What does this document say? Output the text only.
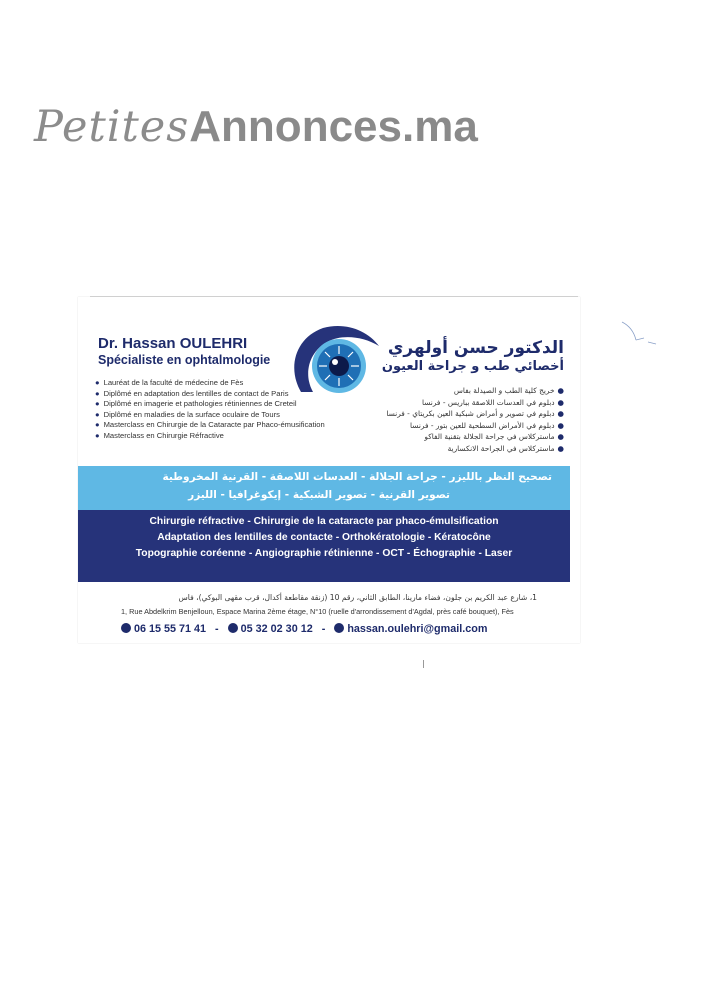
PetitesAnnonces.ma
Dr. Hassan OULEHRI
Spécialiste en ophtalmologie
الدكتور حسن أولهري
أخصائي طب و جراحة العيون
● Lauréat de la faculté de médecine de Fès
● Diplômé en adaptation des lentilles de contact de Paris
● Diplômé en imagerie et pathologies rétiniennes de Creteil
● Diplômé en maladies de la surface oculaire de Tours
● Masterclass en Chirurgie de la Cataracte par Phaco-émusification
● Masterclass en Chirurgie Réfractive
●خريج كلية الطب و الصيدلة بفاس
●دبلوم في العدسات اللاصقة بباريس - فرنسا
●دبلوم في تصوير و أمراض شبكية العين بكريتاي - فرنسا
●دبلوم في الأمراض السطحية للعين بتور - فرنسا
●ماستركلاس في جراحة الجلالة بتقنية الفاكو
●ماستركلاس في الجراحة الانكسارية
تصحيح النظر بالليزر - جراحة الجلالة - العدسات اللاصقة - القرنية المخروطية
تصوير القرنية - تصوير الشبكية - إيكوغرافيا - الليزر
Chirurgie réfractive - Chirurgie de la cataracte par phaco-émulsification
Adaptation des lentilles de contacte - Orthokératologie - Kératocône
Topographie coréenne - Angiographie rétinienne - OCT - Échographie - Laser
1، شارع عبد الكريم بن جلون، فضاء مارينا، الطابق الثاني، رقم 10 (زنقة مقاطعة أكدال، قرب مقهى البوكي)، فاس
1, Rue Abdelkrim Benjelloun, Espace Marina 2ème étage, N°10 (ruelle d'arrondissement d'Agdal, près café bouquet), Fès
06 15 55 71 41 - 05 32 02 30 12 - hassan.oulehri@gmail.com
